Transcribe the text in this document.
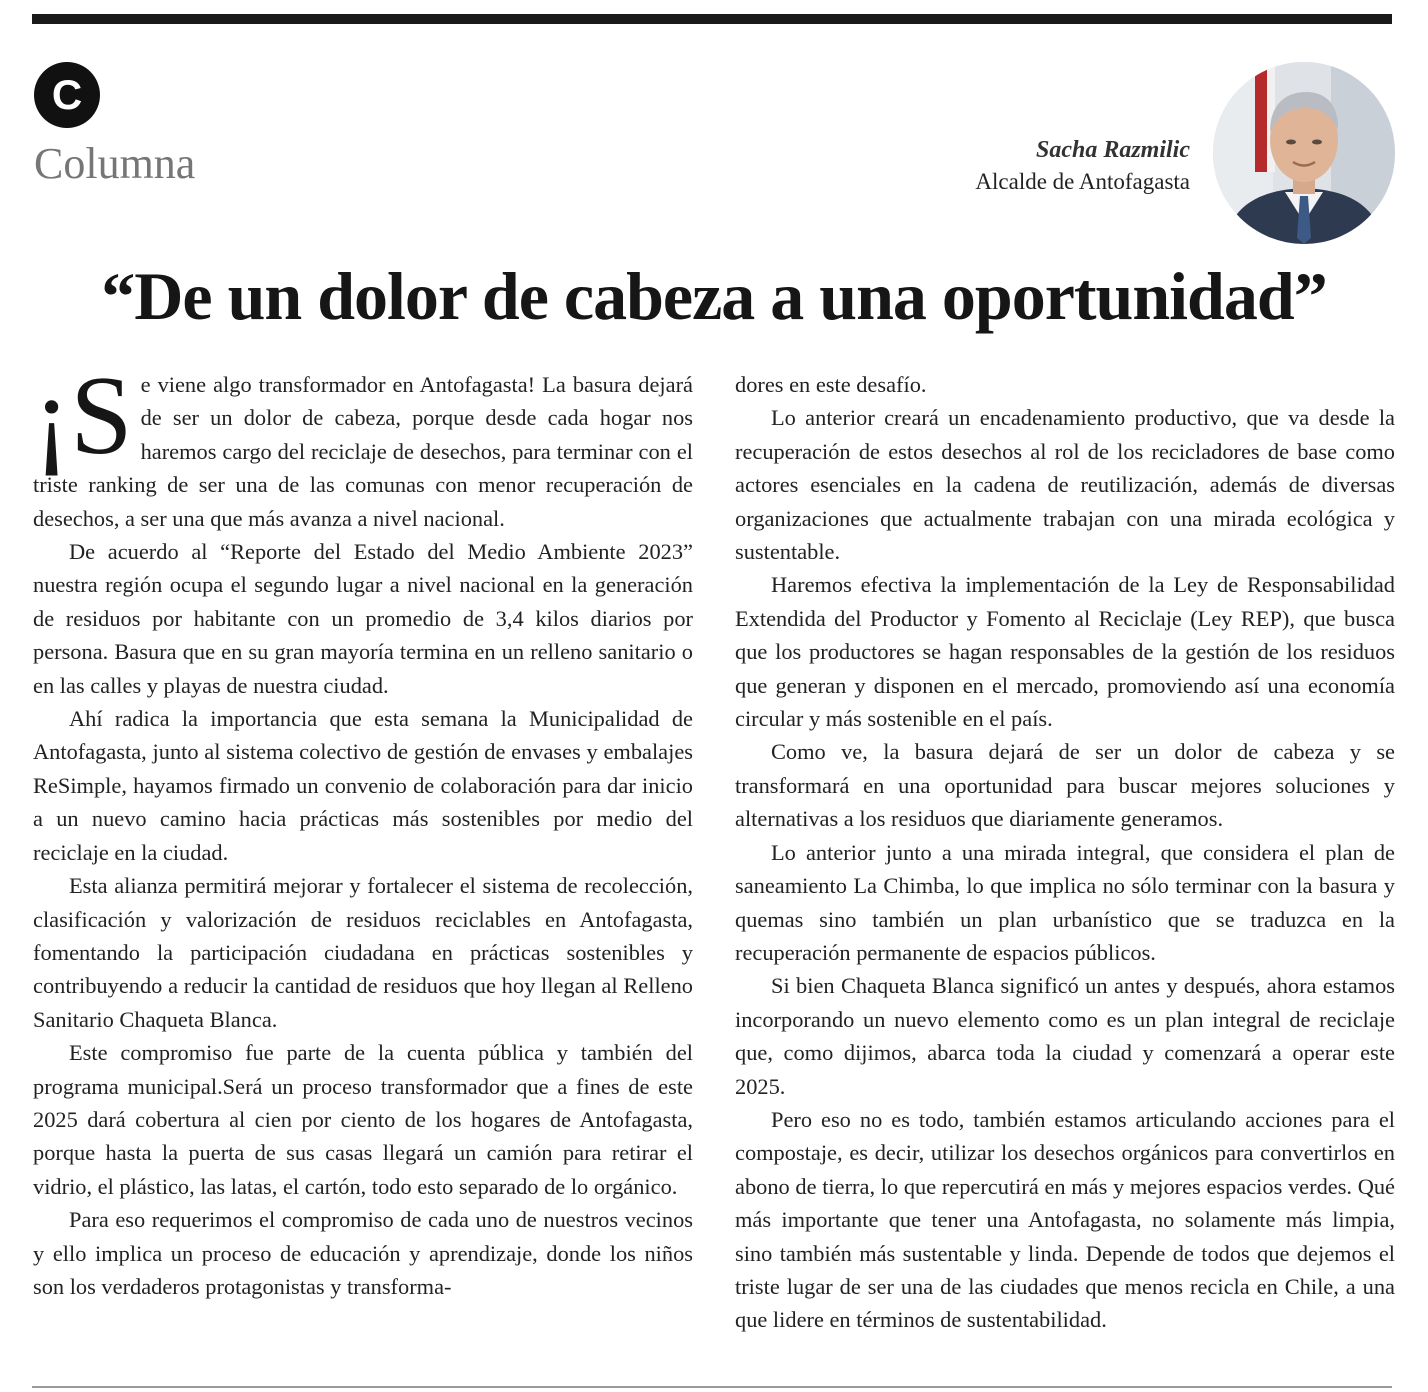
C
Columna	Sacha Razmilic
Alcalde de Antofagasta
“De un dolor de cabeza a una oportunidad”

¡S e viene algo transformador en Antofagasta! La basura dejará de ser un dolor de cabeza, porque desde cada hogar nos haremos cargo del reciclaje de desechos, para terminar con el triste ranking de ser una de las comunas con menor recuperación de desechos, a ser una que más avanza a nivel nacional.

De acuerdo al “Reporte del Estado del Medio Ambiente 2023” nuestra región ocupa el segundo lugar a nivel nacional en la generación de residuos por habitante con un promedio de 3,4 kilos diarios por persona. Basura que en su gran mayoría termina en un relleno sanitario o en las calles y playas de nuestra ciudad.

Ahí radica la importancia que esta semana la Municipalidad de Antofagasta, junto al sistema colectivo de gestión de envases y embalajes ReSimple, hayamos firmado un convenio de colaboración para dar inicio a un nuevo camino hacia prácticas más sostenibles por medio del reciclaje en la ciudad.

Esta alianza permitirá mejorar y fortalecer el sistema de recolección, clasificación y valorización de residuos reciclables en Antofagasta, fomentando la participación ciudadana en prácticas sostenibles y contribuyendo a reducir la cantidad de residuos que hoy llegan al Relleno Sanitario Chaqueta Blanca.

Este compromiso fue parte de la cuenta pública y también del programa municipal.Será un proceso transformador que a fines de este 2025 dará cobertura al cien por ciento de los hogares de Antofagasta, porque hasta la puerta de sus casas llegará un camión para retirar el vidrio, el plástico, las latas, el cartón, todo esto separado de lo orgánico.

Para eso requerimos el compromiso de cada uno de nuestros vecinos y ello implica un proceso de educación y aprendizaje, donde los niños son los verdaderos protagonistas y transforma-

dores en este desafío.

Lo anterior creará un encadenamiento productivo, que va desde la recuperación de estos desechos al rol de los recicladores de base como actores esenciales en la cadena de reutilización, además de diversas organizaciones que actualmente trabajan con una mirada ecológica y sustentable.

Haremos efectiva la implementación de la Ley de Responsabilidad Extendida del Productor y Fomento al Reciclaje (Ley REP), que busca que los productores se hagan responsables de la gestión de los residuos que generan y disponen en el mercado, promoviendo así una economía circular y más sostenible en el país.

Como ve, la basura dejará de ser un dolor de cabeza y se transformará en una oportunidad para buscar mejores soluciones y alternativas a los residuos que diariamente generamos.

Lo anterior junto a una mirada integral, que considera el plan de saneamiento La Chimba, lo que implica no sólo terminar con la basura y quemas sino también un plan urbanístico que se traduzca en la recuperación permanente de espacios públicos.

Si bien Chaqueta Blanca significó un antes y después, ahora estamos incorporando un nuevo elemento como es un plan integral de reciclaje que, como dijimos, abarca toda la ciudad y comenzará a operar este 2025.

Pero eso no es todo, también estamos articulando acciones para el compostaje, es decir, utilizar los desechos orgánicos para convertirlos en abono de tierra, lo que repercutirá en más y mejores espacios verdes. Qué más importante que tener una Antofagasta, no solamente más limpia, sino también más sustentable y linda. Depende de todos que dejemos el triste lugar de ser una de las ciudades que menos recicla en Chile, a una que lidere en términos de sustentabilidad.
